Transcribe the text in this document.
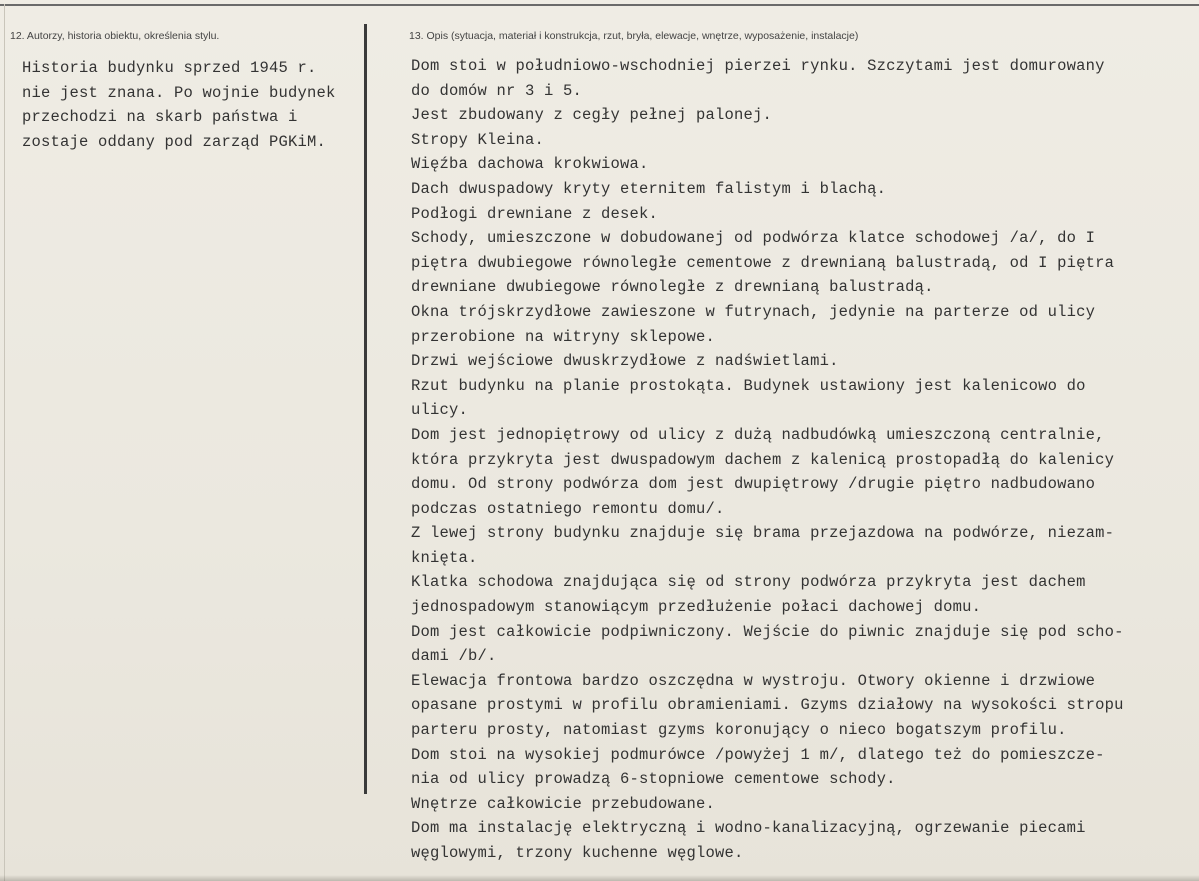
12. Autorzy, historia obiektu, określenia stylu.	13. Opis (sytuacja, materiał i konstrukcja, rzut, bryła, elewacje, wnętrze, wyposażenie, instalacje)
Historia budynku sprzed 1945 r.
nie jest znana. Po wojnie budynek
przechodzi na skarb państwa i
zostaje oddany pod zarząd PGKiM.
Dom stoi w południowo-wschodniej pierzei rynku. Szczytami jest domurowany
do domów nr 3 i 5.
Jest zbudowany z cegły pełnej palonej.
Stropy Kleina.
Więźba dachowa krokwiowa.
Dach dwuspadowy kryty eternitem falistym i blachą.
Podłogi drewniane z desek.
Schody, umieszczone w dobudowanej od podwórza klatce schodowej /a/, do I
piętra dwubiegowe równoległe cementowe z drewnianą balustradą, od I piętra
drewniane dwubiegowe równoległe z drewnianą balustradą.
Okna trójskrzydłowe zawieszone w futrynach, jedynie na parterze od ulicy
przerobione na witryny sklepowe.
Drzwi wejściowe dwuskrzydłowe z nadświetlami.
Rzut budynku na planie prostokąta. Budynek ustawiony jest kalenicowo do
ulicy.
Dom jest jednopiętrowy od ulicy z dużą nadbudówką umieszczoną centralnie,
która przykryta jest dwuspadowym dachem z kalenicą prostopadłą do kalenicy
domu. Od strony podwórza dom jest dwupiętrowy /drugie piętro nadbudowano
podczas ostatniego remontu domu/.
Z lewej strony budynku znajduje się brama przejazdowa na podwórze, niezam-
knięta.
Klatka schodowa znajdująca się od strony podwórza przykryta jest dachem
jednospadowym stanowiącym przedłużenie połaci dachowej domu.
Dom jest całkowicie podpiwniczony. Wejście do piwnic znajduje się pod scho-
dami /b/.
Elewacja frontowa bardzo oszczędna w wystroju. Otwory okienne i drzwiowe
opasane prostymi w profilu obramieniami. Gzyms działowy na wysokości stropu
parteru prosty, natomiast gzyms koronujący o nieco bogatszym profilu.
Dom stoi na wysokiej podmurówce /powyżej 1 m/, dlatego też do pomieszcze-
nia od ulicy prowadzą 6-stopniowe cementowe schody.
Wnętrze całkowicie przebudowane.
Dom ma instalację elektryczną i wodno-kanalizacyjną, ogrzewanie piecami
węglowymi, trzony kuchenne węglowe.
